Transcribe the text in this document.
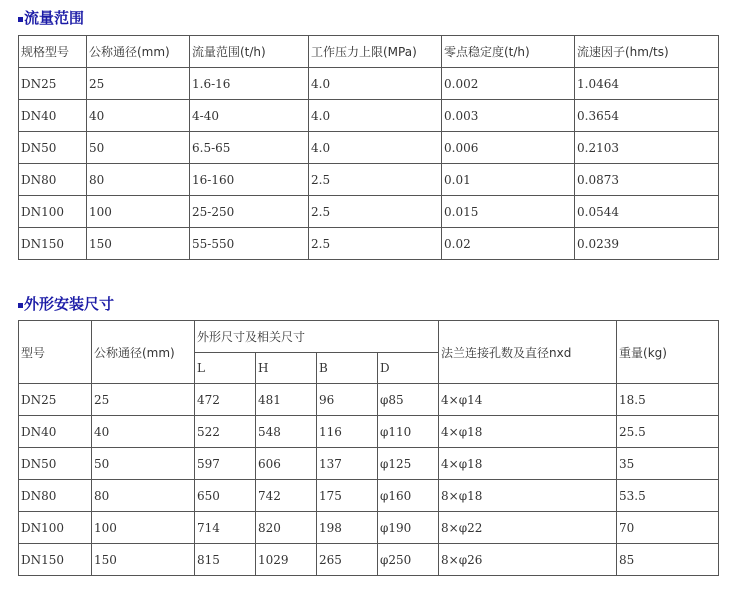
流量范围
规格型号	公称通径(mm)	流量范围(t/h)	工作压力上限(MPa)	零点稳定度(t/h)	流速因子(hm/ts)
DN25	25	1.6-16	4.0	0.002	1.0464
DN40	40	4-40	4.0	0.003	0.3654
DN50	50	6.5-65	4.0	0.006	0.2103
DN80	80	16-160	2.5	0.01	0.0873
DN100	100	25-250	2.5	0.015	0.0544
DN150	150	55-550	2.5	0.02	0.0239
外形安装尺寸
型号	公称通径(mm)	外形尺寸及相关尺寸				法兰连接孔数及直径nxd	重量(kg)
		L	H	B	D		
DN25	25	472	481	96	φ85	4×φ14	18.5
DN40	40	522	548	116	φ110	4×φ18	25.5
DN50	50	597	606	137	φ125	4×φ18	35
DN80	80	650	742	175	φ160	8×φ18	53.5
DN100	100	714	820	198	φ190	8×φ22	70
DN150	150	815	1029	265	φ250	8×φ26	85
